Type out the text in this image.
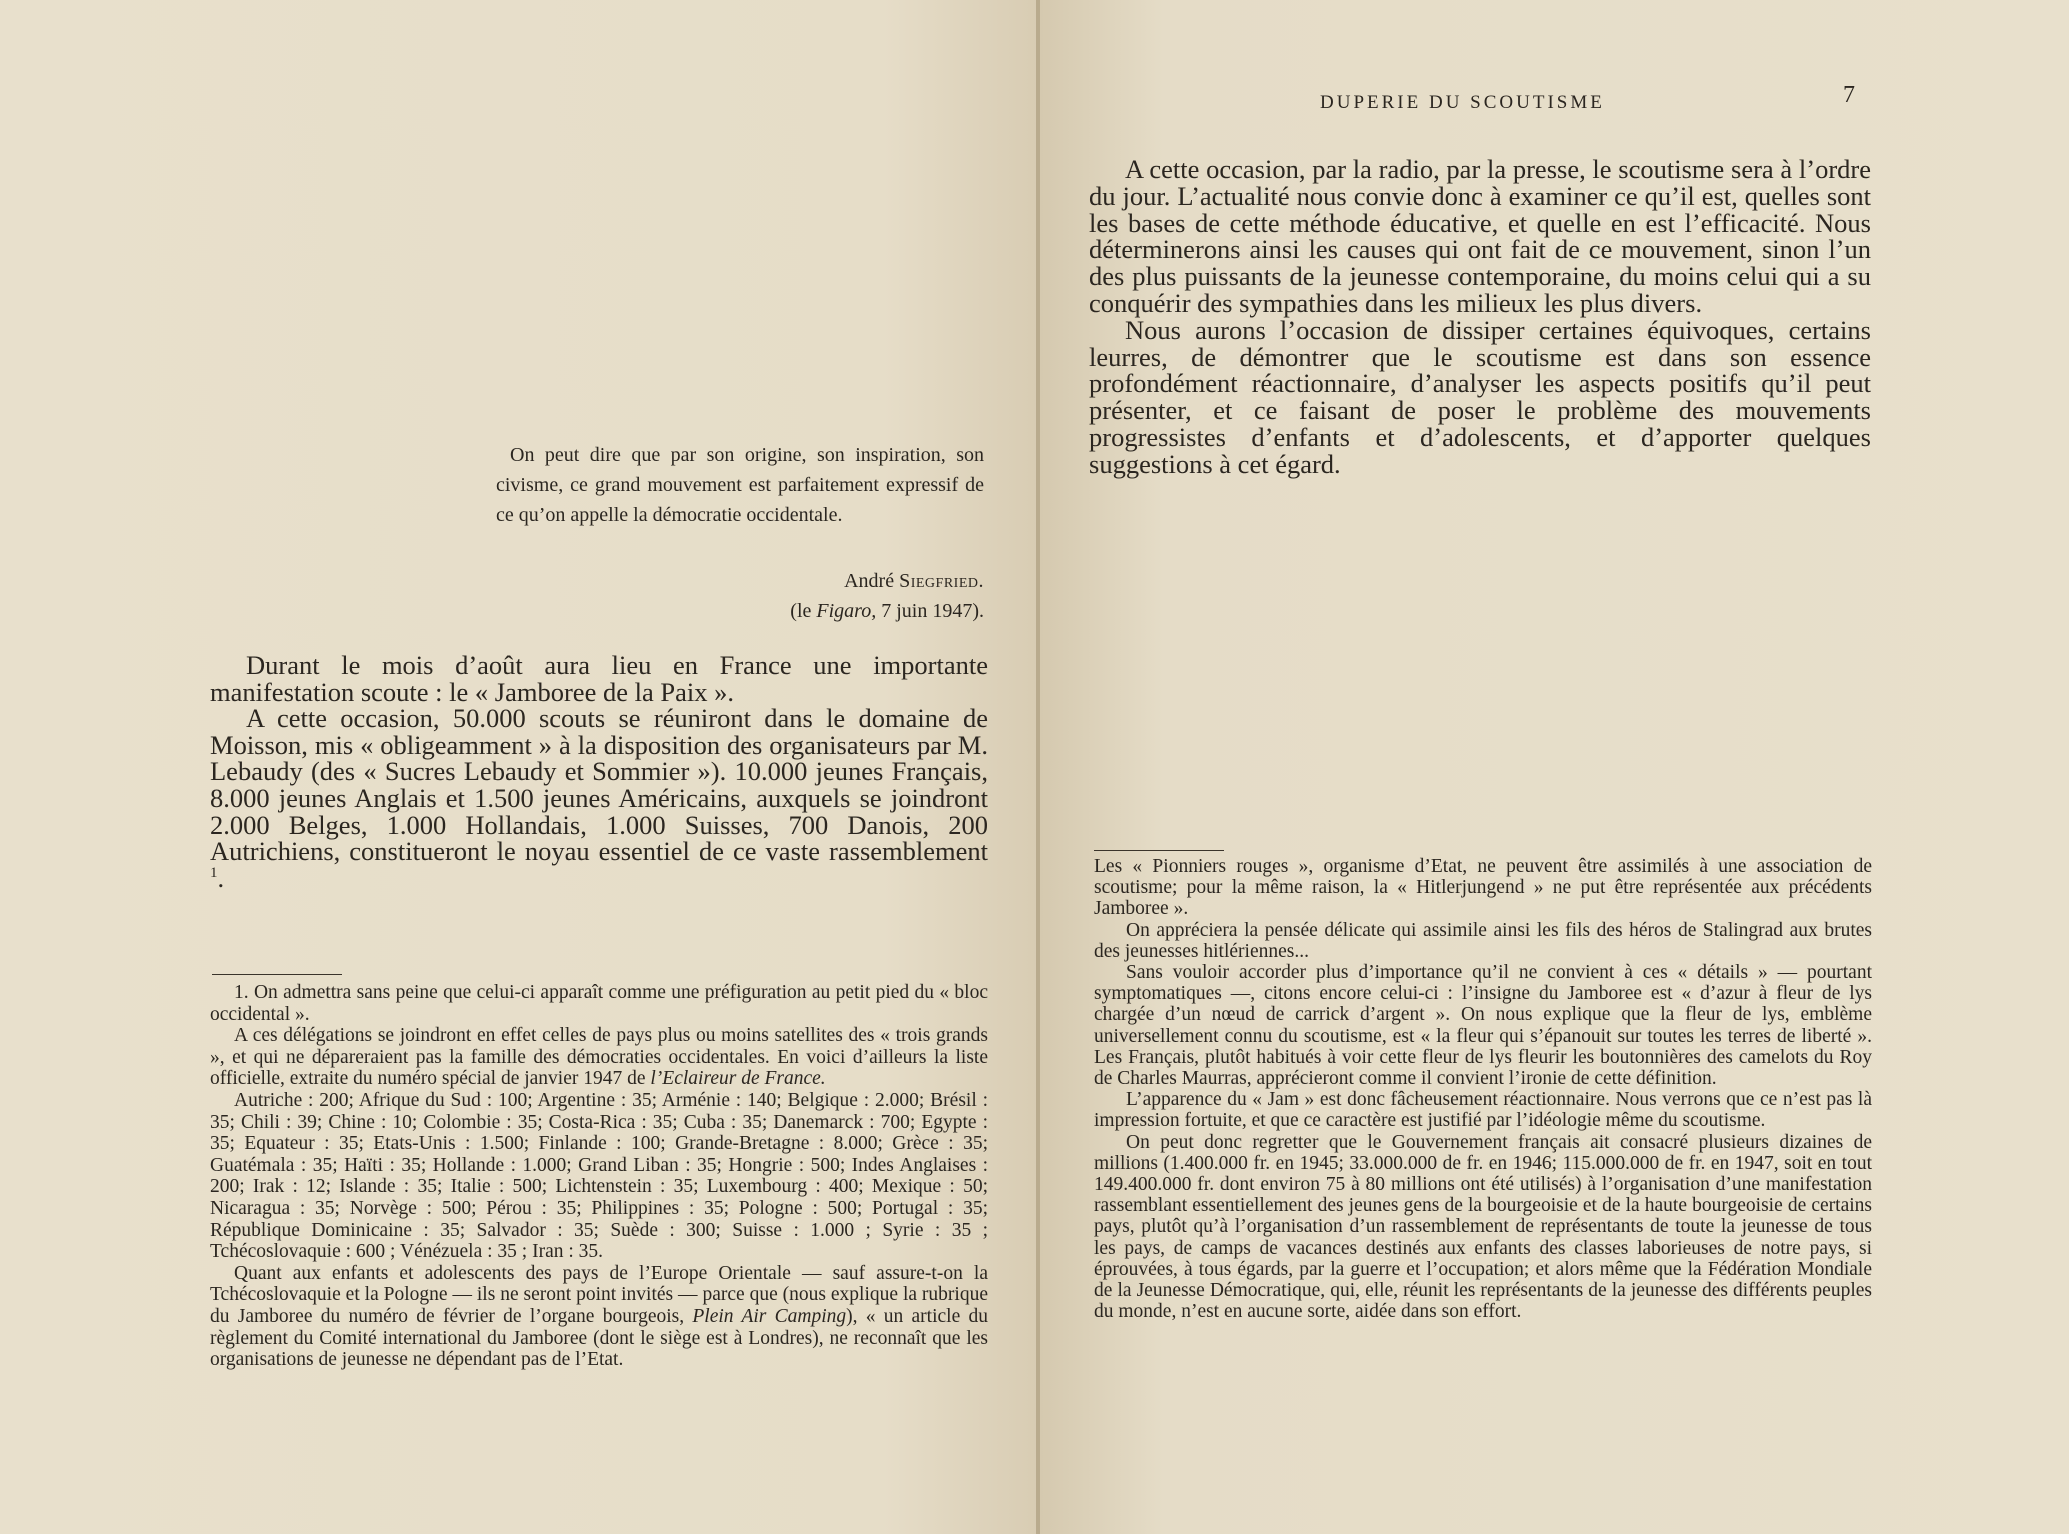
On peut dire que par son origine, son inspiration, son civisme, ce grand mouvement est parfaitement expressif de ce qu’on appelle la démocratie occidentale.

André Siegfried.
(le Figaro, 7 juin 1947).

Durant le mois d’août aura lieu en France une importante manifestation scoute : le « Jamboree de la Paix ».

A cette occasion, 50.000 scouts se réuniront dans le domaine de Moisson, mis « obligeamment » à la disposition des organisateurs par M. Lebaudy (des « Sucres Lebaudy et Sommier »). 10.000 jeunes Français, 8.000 jeunes Anglais et 1.500 jeunes Américains, auxquels se joindront 2.000 Belges, 1.000 Hollandais, 1.000 Suisses, 700 Danois, 200 Autrichiens, constitueront le noyau essentiel de ce vaste rassemblement $^1$.

1. On admettra sans peine que celui-ci apparaît comme une préfiguration au petit pied du « bloc occidental ».

A ces délégations se joindront en effet celles de pays plus ou moins satellites des « trois grands », et qui ne dépareraient pas la famille des démocraties occidentales. En voici d’ailleurs la liste officielle, extraite du numéro spécial de janvier 1947 de l’Eclaireur de France.

Autriche : 200; Afrique du Sud : 100; Argentine : 35; Arménie : 140; Belgique : 2.000; Brésil : 35; Chili : 39; Chine : 10; Colombie : 35; Costa-Rica : 35; Cuba : 35; Danemarck : 700; Egypte : 35; Equateur : 35; Etats-Unis : 1.500; Finlande : 100; Grande-Bretagne : 8.000; Grèce : 35; Guatémala : 35; Haïti : 35; Hollande : 1.000; Grand Liban : 35; Hongrie : 500; Indes Anglaises : 200; Irak : 12; Islande : 35; Italie : 500; Lichtenstein : 35; Luxembourg : 400; Mexique : 50; Nicaragua : 35; Norvège : 500; Pérou : 35; Philippines : 35; Pologne : 500; Portugal : 35; République Dominicaine : 35; Salvador : 35; Suède : 300; Suisse : 1.000 ; Syrie : 35 ; Tchécoslovaquie : 600 ; Vénézuela : 35 ; Iran : 35.

Quant aux enfants et adolescents des pays de l’Europe Orientale — sauf assure-t-on la Tchécoslovaquie et la Pologne — ils ne seront point invités — parce que (nous explique la rubrique du Jamboree du numéro de février de l’organe bourgeois, Plein Air Camping), « un article du règlement du Comité international du Jamboree (dont le siège est à Londres), ne reconnaît que les organisations de jeunesse ne dépendant pas de l’Etat.

DUPERIE DU SCOUTISME	7

A cette occasion, par la radio, par la presse, le scoutisme sera à l’ordre du jour. L’actualité nous convie donc à examiner ce qu’il est, quelles sont les bases de cette méthode éducative, et quelle en est l’efficacité. Nous déterminerons ainsi les causes qui ont fait de ce mouvement, sinon l’un des plus puissants de la jeunesse contemporaine, du moins celui qui a su conquérir des sympathies dans les milieux les plus divers.

Nous aurons l’occasion de dissiper certaines équivoques, certains leurres, de démontrer que le scoutisme est dans son essence profondément réactionnaire, d’analyser les aspects positifs qu’il peut présenter, et ce faisant de poser le problème des mouvements progressistes d’enfants et d’adolescents, et d’apporter quelques suggestions à cet égard.

Les « Pionniers rouges », organisme d’Etat, ne peuvent être assimilés à une association de scoutisme; pour la même raison, la « Hitlerjungend » ne put être représentée aux précédents Jamboree ».

On appréciera la pensée délicate qui assimile ainsi les fils des héros de Stalingrad aux brutes des jeunesses hitlériennes...

Sans vouloir accorder plus d’importance qu’il ne convient à ces « détails » — pourtant symptomatiques —, citons encore celui-ci : l’insigne du Jamboree est « d’azur à fleur de lys chargée d’un nœud de carrick d’argent ». On nous explique que la fleur de lys, emblème universellement connu du scoutisme, est « la fleur qui s’épanouit sur toutes les terres de liberté ». Les Français, plutôt habitués à voir cette fleur de lys fleurir les boutonnières des camelots du Roy de Charles Maurras, apprécieront comme il convient l’ironie de cette définition.

L’apparence du « Jam » est donc fâcheusement réactionnaire. Nous verrons que ce n’est pas là impression fortuite, et que ce caractère est justifié par l’idéologie même du scoutisme.

On peut donc regretter que le Gouvernement français ait consacré plusieurs dizaines de millions (1.400.000 fr. en 1945; 33.000.000 de fr. en 1946; 115.000.000 de fr. en 1947, soit en tout 149.400.000 fr. dont environ 75 à 80 millions ont été utilisés) à l’organisation d’une manifestation rassemblant essentiellement des jeunes gens de la bourgeoisie et de la haute bourgeoisie de certains pays, plutôt qu’à l’organisation d’un rassemblement de représentants de toute la jeunesse de tous les pays, de camps de vacances destinés aux enfants des classes laborieuses de notre pays, si éprouvées, à tous égards, par la guerre et l’occupation; et alors même que la Fédération Mondiale de la Jeunesse Démocratique, qui, elle, réunit les représentants de la jeunesse des différents peuples du monde, n’est en aucune sorte, aidée dans son effort.
